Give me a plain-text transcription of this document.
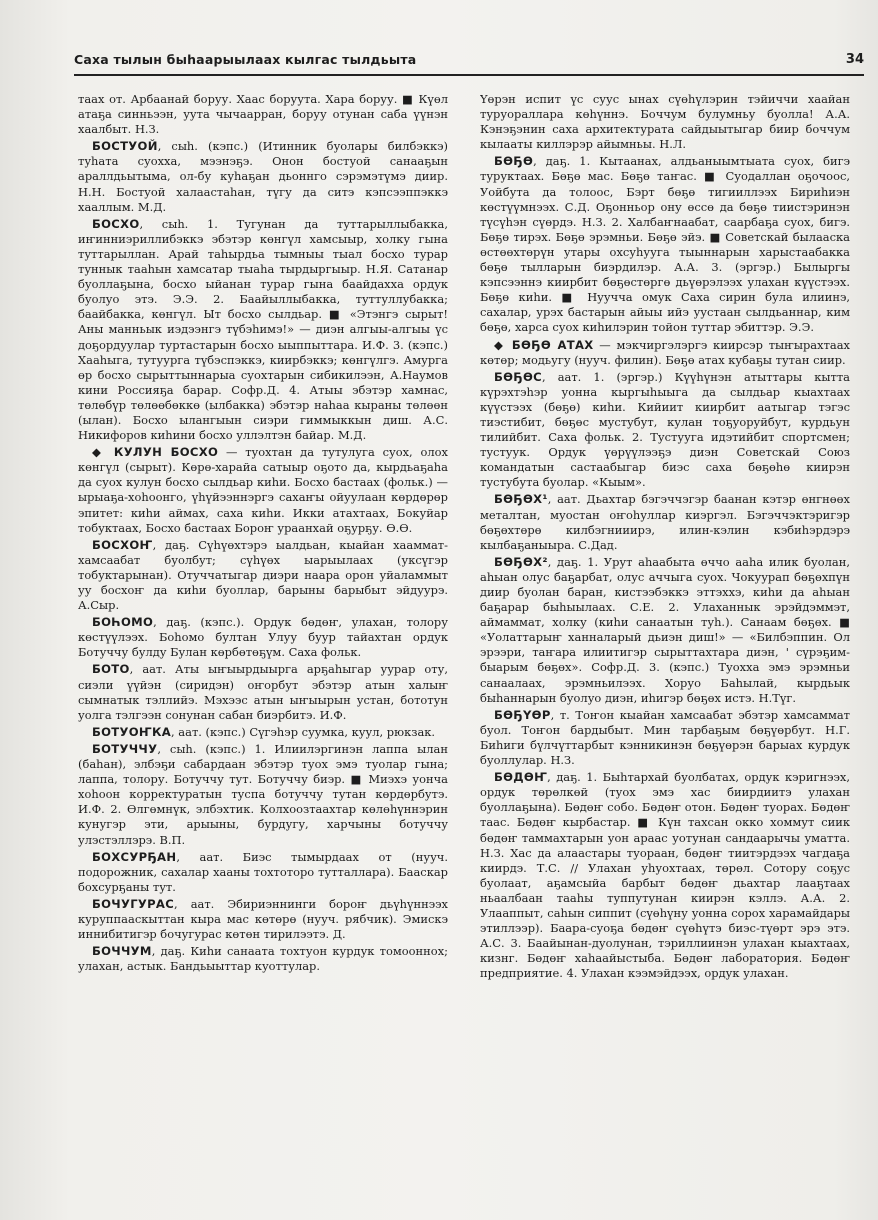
Саха тылын быһаарыылаах кылгас тылдьыта	34

таах от. Арбаанай боруу. Хаас боруута. Хара боруу. ■ Күөл атаҕа синньээн, уута чычаарран, боруу отунан саба үүнэн хаалбыт. Н.З.

БОСТУОЙ, сыһ. (кэпс.) (Итинник буолары билбэккэ) туһата суохха, мээнэҕэ. Онон бостуой санааҕын араллдьытыма, ол-бу куһаҕан дьоннго сэрэмэтүмэ диир. Н.Н. Бостуой халаастаһан, түгу да ситэ кэпсээппэккэ хааллым. М.Д.

БОСХО, сыһ. 1. Тугунан да туттарыллыбакка, иҥинниэриллибэккэ эбэтэр көнгүл хамсыыр, холку гына туттарыллан. Арай таһырдьа тымныы тыал босхо турар туннык тааһын хамсатар тыаһа тырдыргыыр. Н.Я. Сатанар буоллаҕына, босхо ыйанан турар гына баайдахха ордук буолуо этэ. Э.Э. 2. Баайыллыбакка, туттуллубакка; баайбакка, көнгүл. Ыт босхо сылдьар. ■ «Этэнгэ сырыт! Аны манньык иэдээнгэ түбэһимэ!» — диэн алгыы-алгыы үс доҕордуулар туртастарын босхо ыыппыттара. И.Ф. 3. (кэпс.) Хааһыга, тутуурга түбэспэккэ, киирбэккэ; көнгүлгэ. Амурга өр босхо сырыттыннарыа суохтарын сибикилээн, А.Наумов кини Россияҕа барар. Софр.Д. 4. Атыы эбэтэр хамнас, төлөбүр төлөөбөккө (ылбакка) эбэтэр наһаа кыраны төлөөн (ылан). Босхо ылангыын сиэри гиммыккын диш. А.С. Никифоров киһини босхо уллэлтэн байар. М.Д.

◆ КУЛУН БОСХО — туохтан да тутулуга суох, олох көнгүл (сырыт). Көрө-харайа сатыыр оҕото да, кырдьаҕаһа да суох кулун босхо сылдьар киһи. Босхо бастаах (фольк.) — ырыаҕа-хоһоонго, үһүйээннэргэ сахаҥы ойуулаан көрдөрөр эпитет: киһи аймах, саха киһи. Икки атахтаах, Бокуйар тобуктаах, Босхо бастаах Бороҥ ураанхай оҕурҕу. Ө.Ө.

БОСХОҤ, даҕ. Сүһүөхтэрэ ыалдьан, кыайан хааммат-хамсаабат буолбут; сүһүөх ыарыылаах (уксүгэр тобуктарынан). Отуччатыгар диэри наара орон уйаламмыт уу босхоҥ да киһи буоллар, барыны барыбыт эйдуурэ. А.Сыр.

БОҺОМО, даҕ. (кэпс.). Ордук бөдөҥ, улахан, толору көстүүлээх. Боһомо бултан Улуу буур тайахтан ордук Ботуччу булду Булан көрбөтөҕүм. Саха фольк.

БОТО, аат. Аты ыҥыырдыырга арҕаһыгар уурар оту, сиэли үүйэн (сиридэн) оҥорбут эбэтэр атын халыҥ сымнатык тэллийэ. Мэхээс атын ыҥыырын устан, бототун уолга тэлгээн сонунан сабан биэрбитэ. И.Ф.

БОТУОҤКА, аат. (кэпс.) Сүгэһэр суумка, куул, рюкзак.

БОТУЧЧУ, сыһ. (кэпс.) 1. Илиилэргинэн лаппа ылан (баһан), элбэҕи сабардаан эбэтэр туох эмэ туолар гына; лаппа, толору. Ботуччу тут. Ботуччу биэр. ■ Миэхэ уонча хоһоон корректуратын туспа ботуччу тутан көрдөрбутэ. И.Ф. 2. Өлгөмнүк, элбэхтик. Колхоозтаахтар көлөһүннэрин кунугэр эти, арыыны, бурдугу, харчыны ботуччу улэстэллэрэ. В.П.

БОХСУРҔАН, аат. Биэс тымырдаах от (нууч. подорожник, сахалар хааны тохтоторо тутталлара). Бааскар бохсурҕаны тут.

БОЧУГУРАС, аат. Эбириэннинги бороҥ дьүһүннээх куруппааскыттан кыра мас көтөрө (нууч. рябчик). Эмискэ иннибитигэр бочугурас көтөн тирилээтэ. Д.

БОЧЧУМ, даҕ. Киһи санаата тохтуон курдук томооннох; улахан, астык. Бандьыыттар куоттулар.

Үөрэн испит үс суус ынах сүөһүлэрин тэйиччи хаайан туруораллара көһүннэ. Боччум булумньу буолла! А.А. Кэнэҕэнин саха архитектурата сайдыытыгар биир боччум кылааты киллэрэр айымньы. Н.Л.

БӨҔӨ, даҕ. 1. Кытаанах, алдьаныымтыата суох, бигэ туруктаах. Бөҕө мас. Бөҕө таҥас. ■ Суодаллан оҕочоос, Уойбута да толоос, Бэрт бөҕө тигииллээх Бириһиэн көстүүмнээх. С.Д. Оҕонньор ону өссө да бөҕө тиистэринэн түсүһэн сүөрдэ. Н.З. 2. Халбаҥнаабат, саарбаҕа суох, бигэ. Бөҕө тирэх. Бөҕө эрэмньи. Бөҕө эйэ. ■ Советскай былааска өстөөхтөрүн утары охсуһууга тыыннарын харыстаабакка бөҕө тылларын биэрдилэр. А.А. 3. (эргэр.) Былыргы кэпсээннэ киирбит бөҕөстөргө дьүөрэлээх улахан күүстээх. Бөҕө киһи. ■ Нууччa омук Саха сирин була илиинэ, сахалар, урэх бастарын айыы ийэ уустаан сылдьаннар, ким бөҕө, харса суох киһилэрин тойон туттар эбиттэр. Э.Э.

◆ БӨҔӨ АТАХ — мэкчиргэлэргэ киирсэр тыҥырахтаах көтөр; модьугу (нууч. филин). Бөҕө атах кубаҕы тутан сиир.

БӨҔӨС, аат. 1. (эргэр.) Күүһүнэн атыттары кытта күрэхтэһэр уонна кыргыһыыга да сылдьар кыахтаах күүстээх (бөҕө) киһи. Кийиит киирбит аатыгар тэгэс тиэстибит, бөҕөс мустубут, кулан тоҕуоруйбут, курдьун тилийбит. Саха фольк. 2. Тустууга идэтийбит спортсмен; тустуук. Ордук үөрүүлээҕэ диэн Советскай Союз командатын састаабыгар биэс саха бөҕөһө киирэн тустубута буолар. «Кыым».

БӨҔӨХ¹, аат. Дьахтар бэгэччэгэр баанан кэтэр өнгнөөх металтан, муостан оҥоһуллар киэргэл. Бэгэччэктэригэр бөҕөхтөрө килбэгнииирэ, илин-кэлин кэбиһэрдэрэ кылбаҕаныыра. С.Дад.

БӨҔӨХ², даҕ. 1. Урут аһаабыта өччо ааһа илик буолан, аһыан олус баҕарбат, олус аччыга суох. Чокуурап бөҕөхпүн диир буолан баран, кистээбэккэ эттэххэ, киһи да аһыан баҕарар быһыылаах. С.Е. 2. Улаханнык эрэйдэммэт, аймаммат, холку (киһи санаатын туһ.). Санаам бөҕөх. ■ «Уолаттарыҥ ханналарый дьиэн диш!» — «Билбэппин. Ол эрээри, таҥара илиитигэр сырыттахтара диэн, ' сүрэҕим-быарым бөҕөх». Софр.Д. 3. (кэпс.) Туохха эмэ эрэмньи санаалаах, эрэмньилээх. Хоруо Баһылай, кырдьык быһаннарын буолуо диэн, иһигэр бөҕөх истэ. Н.Түг.

БӨҔҮӨР, т. Тоҥон кыайан хамсаабат эбэтэр хамсаммат буол. Тоҥон бардыбыт. Мин тарбаҕым бөҕүөрбут. Н.Г. Биһиги бүлчүттарбыт кэнникинэн бөҕүөрэн барыах курдук буоллулар. Н.З.

БӨДӨҤ, даҕ. 1. Быһтархай буолбатах, ордук кэригнээх, ордук төрөлкөй (туох эмэ хас биирдиитэ улахан буоллаҕына). Бөдөҥ собо. Бөдөҥ отон. Бөдөҥ туорах. Бөдөҥ таас. Бөдөҥ кырбастар. ■ Күн тахсан окко хоммут сиик бөдөҥ таммахтарын уон араас уотунан сандаарычы уматта. Н.З. Хас да алаастары туораан, бөдөҥ тиитэрдээх чагдаҕа киирдэ. Т.С. // Улахан уһуохтаах, төрөл. Сотору соҕус буолаат, аҕамсыйа барбыт бөдөҥ дьахтар лааҕтаах ньаалбаан тааһы туппутунан киирэн кэллэ. А.А. 2. Улааппыт, саһын сиппит (сүөһүну уонна сорох харамайдары этиллээр). Баара-суоҕа бөдөҥ сүөһүтэ биэс-түөрт эрэ этэ. А.С. 3. Баайынан-дуолунан, тэриллиинэн улахан кыахтаах, кизнг. Бөдөҥ хаһаайыстыба. Бөдөҥ лаборатория. Бөдөҥ предприятие. 4. Улахан кээмэйдээх, ордук улахан.
